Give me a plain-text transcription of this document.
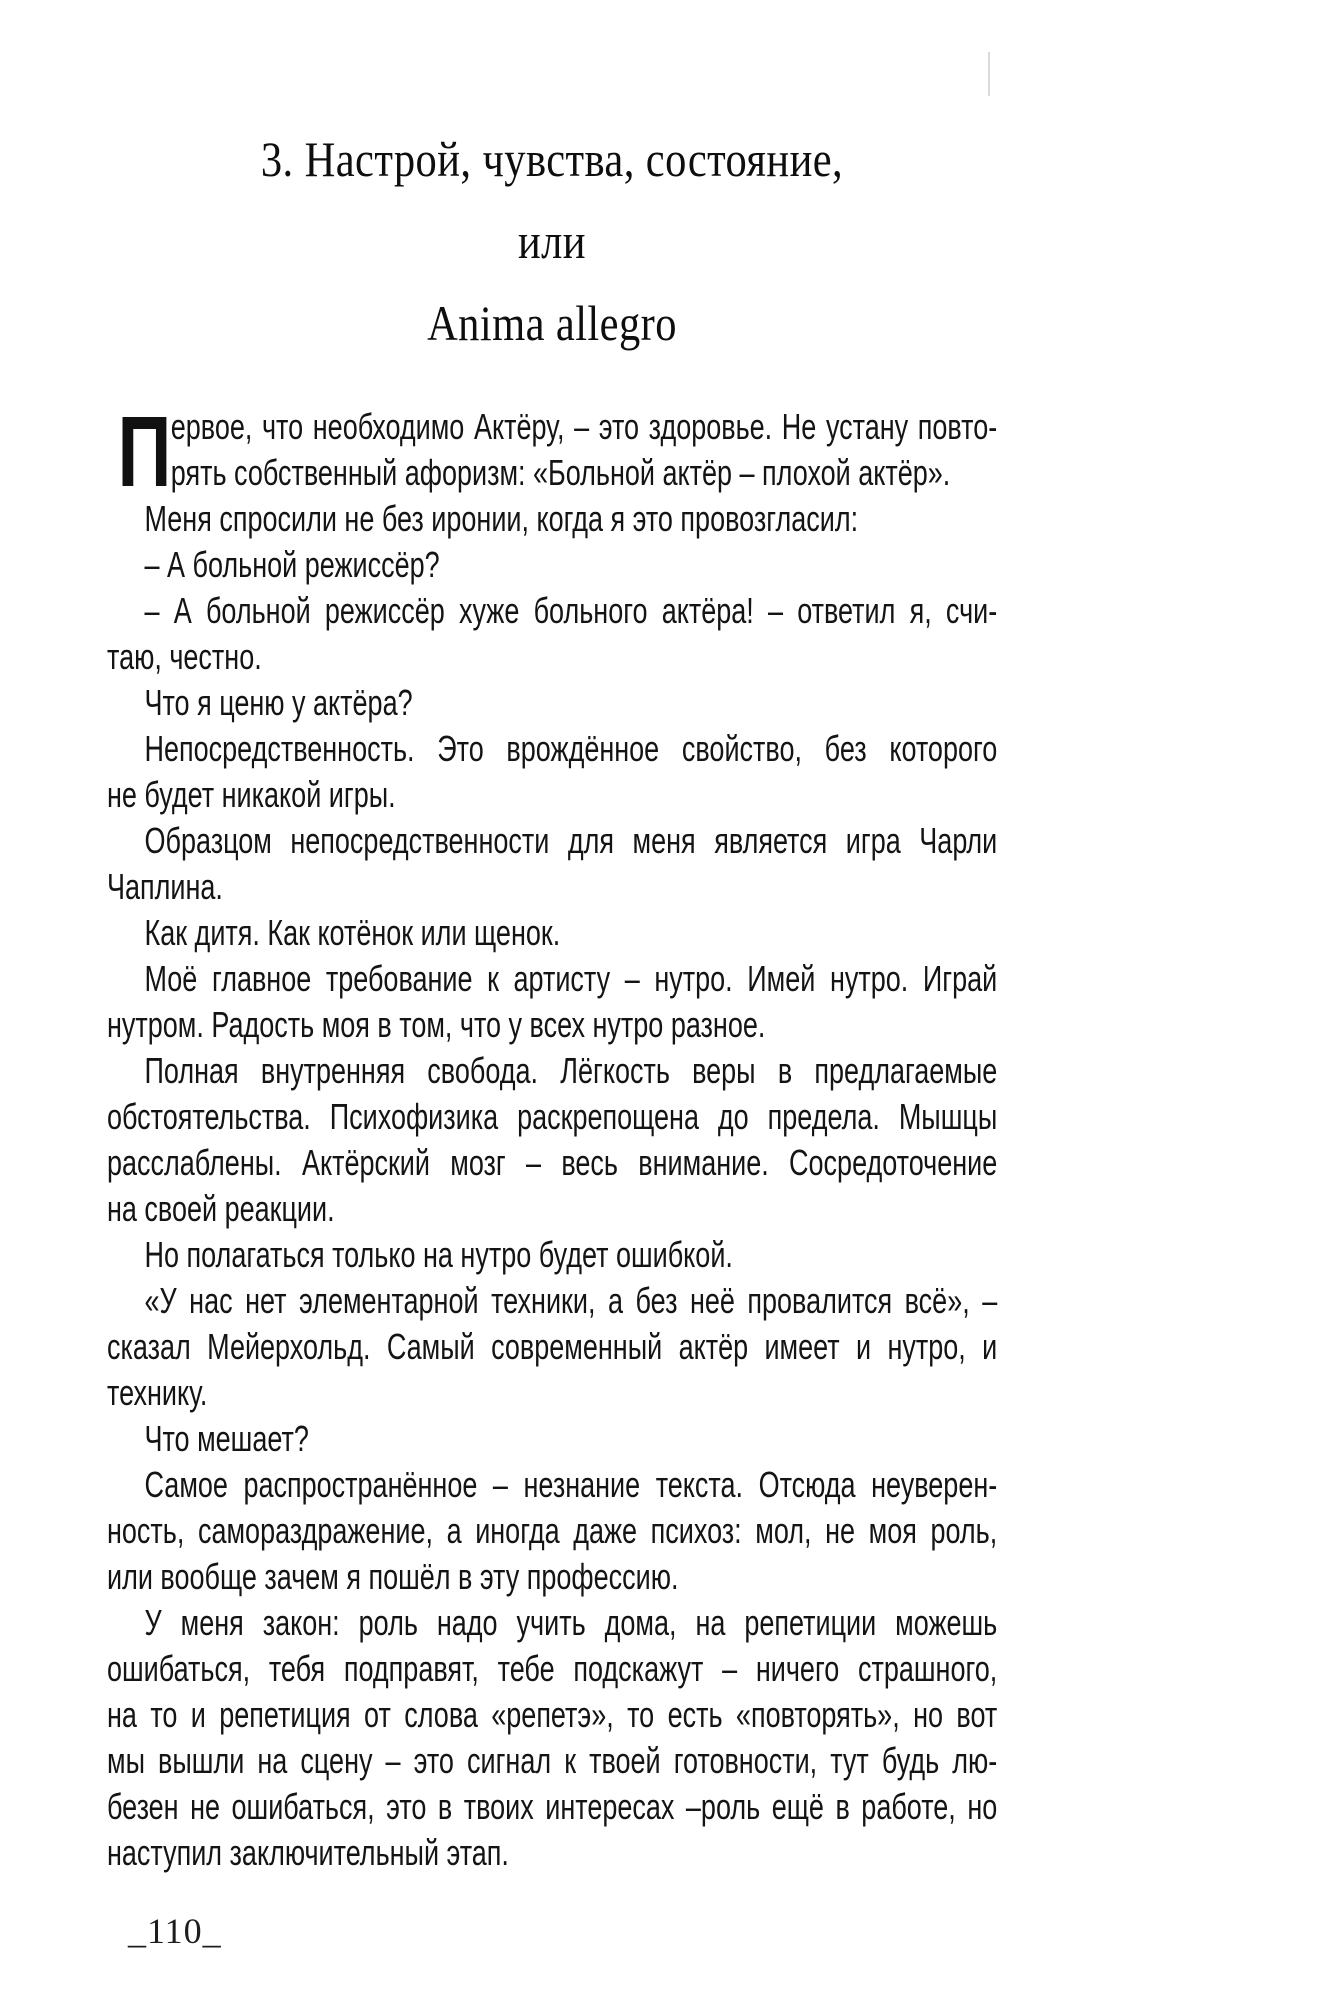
3. Настрой, чувства, состояние,
или
Anima allegro
П ервое, что необходимо Актёру, – это здоровье. Не устану повто-
рять собственный афоризм: «Больной актёр – плохой актёр».
Меня спросили не без иронии, когда я это провозгласил:
– А больной режиссёр?
– А больной режиссёр хуже больного актёра! – ответил я, счи-
таю, честно.
Что я ценю у актёра?
Непосредственность. Это врождённое свойство, без которого
не будет никакой игры.
Образцом непосредственности для меня является игра Чарли
Чаплина.
Как дитя. Как котёнок или щенок.
Моё главное требование к артисту – нутро. Имей нутро. Играй
нутром. Радость моя в том, что у всех нутро разное.
Полная внутренняя свобода. Лёгкость веры в предлагаемые
обстоятельства. Психофизика раскрепощена до предела. Мышцы
расслаблены. Актёрский мозг – весь внимание. Сосредоточение
на своей реакции.
Но полагаться только на нутро будет ошибкой.
«У нас нет элементарной техники, а без неё провалится всё», –
сказал Мейерхольд. Самый современный актёр имеет и нутро, и
технику.
Что мешает?
Самое распространённое – незнание текста. Отсюда неуверен-
ность, самораздражение, а иногда даже психоз: мол, не моя роль,
или вообще зачем я пошёл в эту профессию.
У меня закон: роль надо учить дома, на репетиции можешь
ошибаться, тебя подправят, тебе подскажут – ничего страшного,
на то и репетиция от слова «репетэ», то есть «повторять», но вот
мы вышли на сцену – это сигнал к твоей готовности, тут будь лю-
безен не ошибаться, это в твоих интересах –роль ещё в работе, но
наступил заключительный этап.
_110_
